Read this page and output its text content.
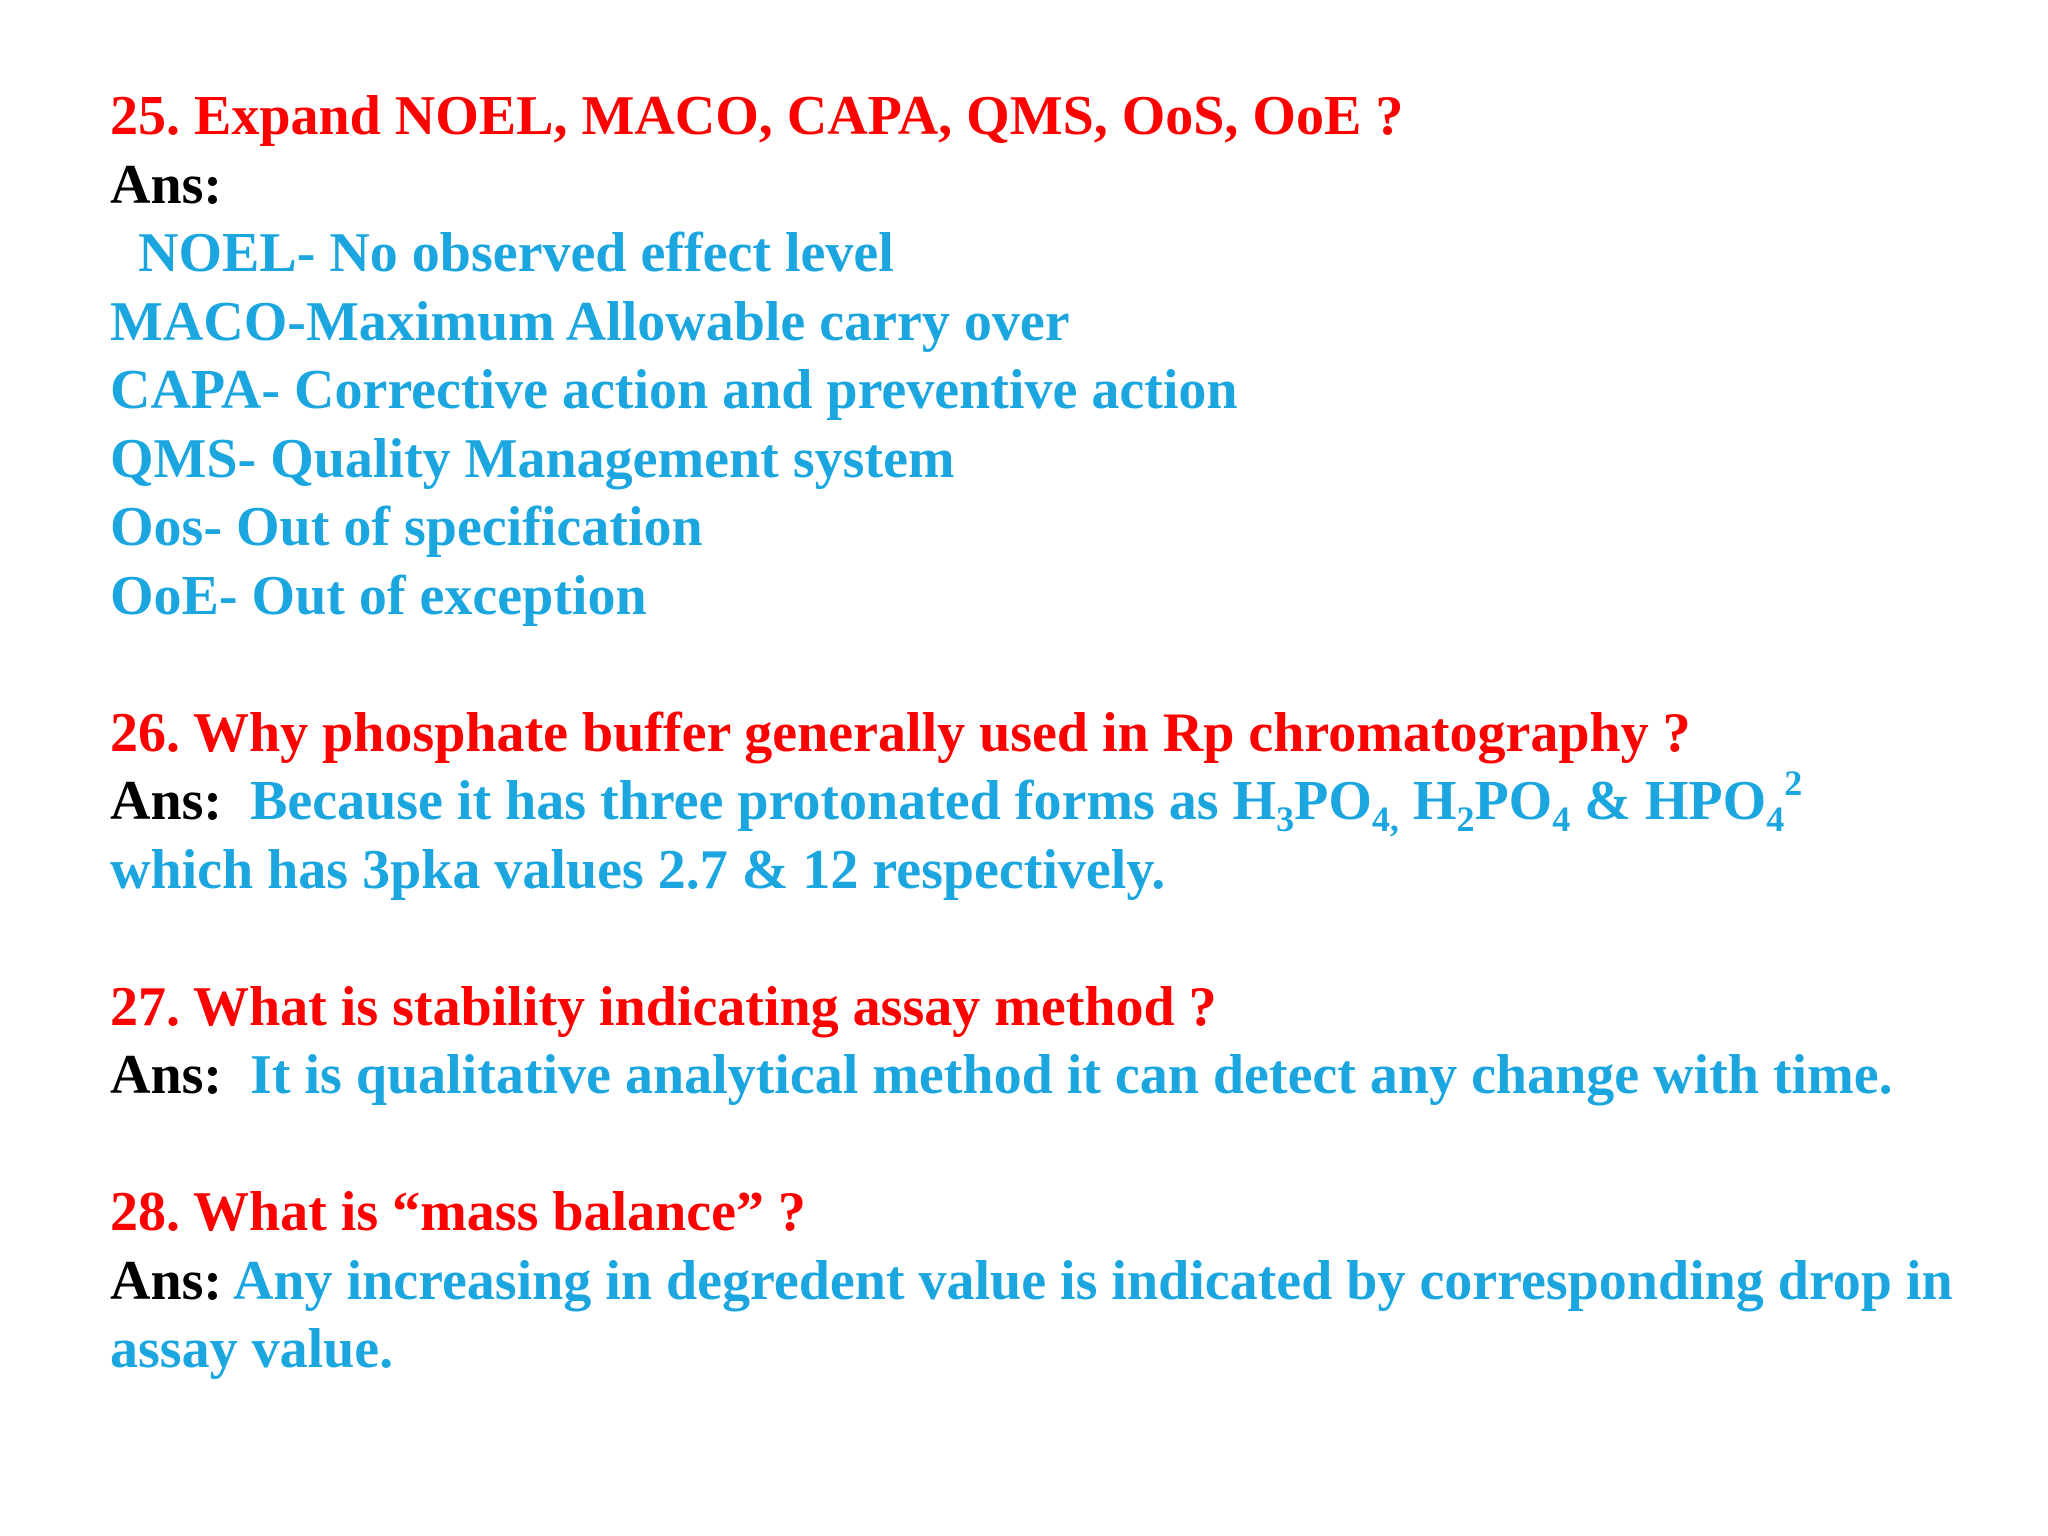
25. Expand NOEL, MACO, CAPA, QMS, OoS, OoE ?

Ans:

NOEL- No observed effect level

MACO-Maximum Allowable carry over

CAPA- Corrective action and preventive action

QMS- Quality Management system

Oos- Out of specification

OoE- Out of exception

26. Why phosphate buffer generally used in Rp chromatography ?

Ans: Because it has three protonated forms as $H_3PO_{4,}$ $H_2PO_4$ & $HPO_4^2$

which has 3pka values 2.7 & 12 respectively.

27. What is stability indicating assay method ?

Ans: It is qualitative analytical method it can detect any change with time.

28. What is “mass balance” ?

Ans: Any increasing in degredent value is indicated by corresponding drop in

assay value.
